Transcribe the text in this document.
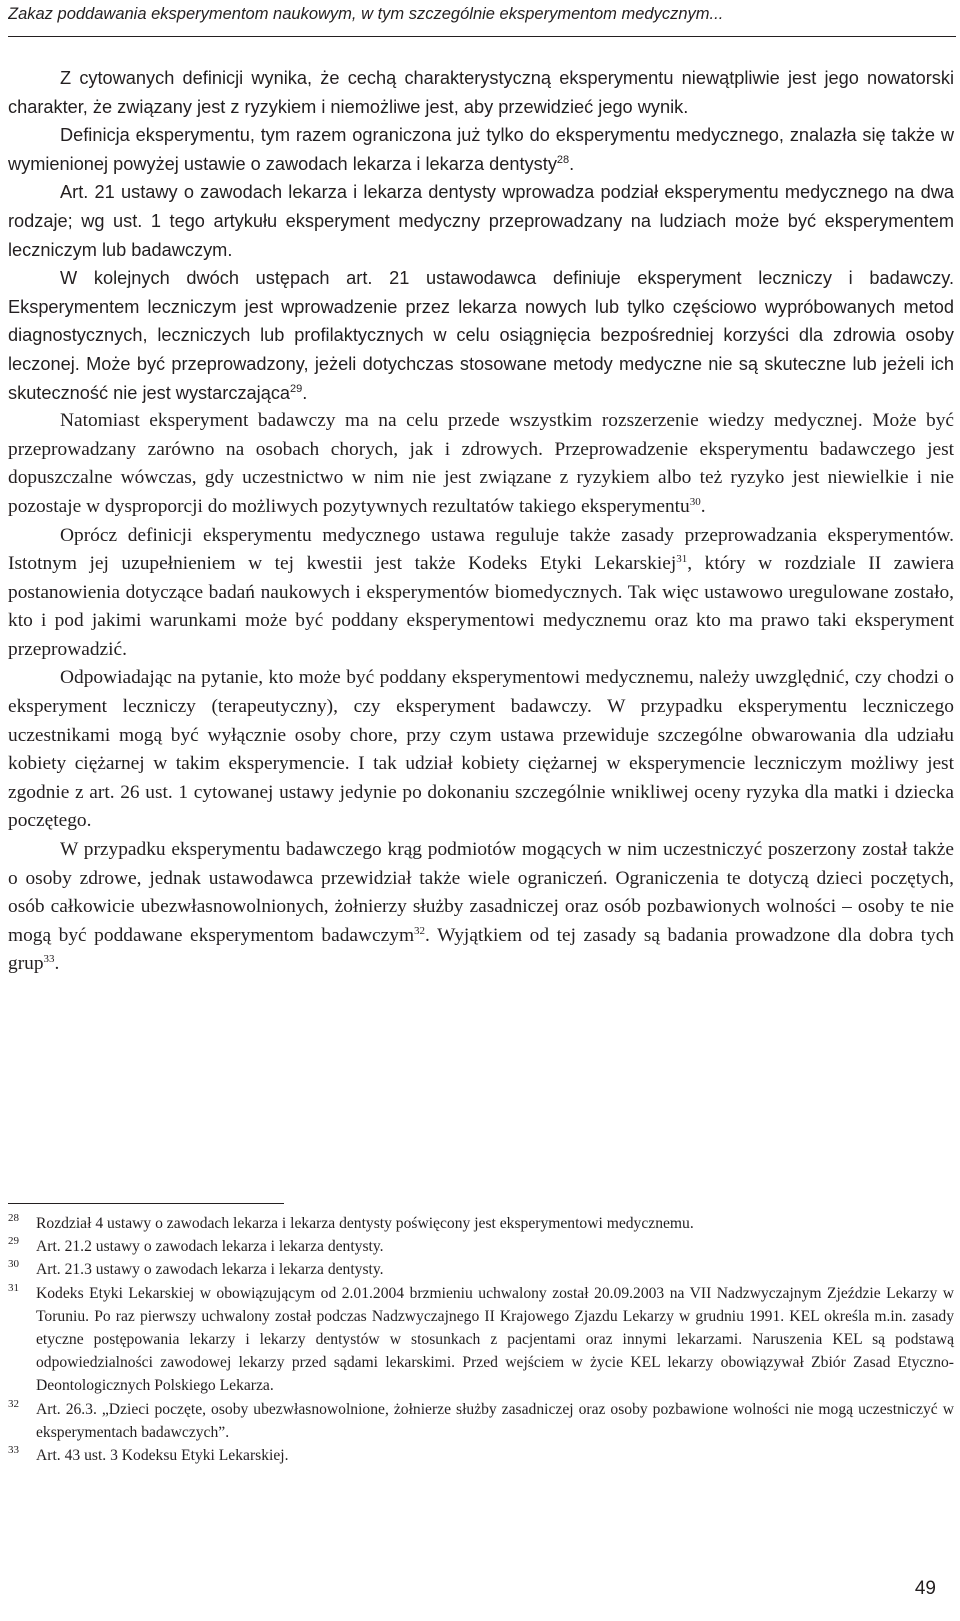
Zakaz poddawania eksperymentom naukowym, w tym szczególnie eksperymentom medycznym...

Z cytowanych definicji wynika, że cechą charakterystyczną eksperymentu niewątpliwie jest jego nowatorski charakter, że związany jest z ryzykiem i niemożliwe jest, aby przewidzieć jego wynik.

Definicja eksperymentu, tym razem ograniczona już tylko do eksperymentu medycznego, znalazła się także w wymienionej powyżej ustawie o zawodach lekarza i lekarza dentysty$^{28}$.

Art. 21 ustawy o zawodach lekarza i lekarza dentysty wprowadza podział eksperymentu medycznego na dwa rodzaje; wg ust. 1 tego artykułu eksperyment medyczny przeprowadzany na ludziach może być eksperymentem leczniczym lub badawczym.

W kolejnych dwóch ustępach art. 21 ustawodawca definiuje eksperyment leczniczy i badawczy. Eksperymentem leczniczym jest wprowadzenie przez lekarza nowych lub tylko częściowo wypróbowanych metod diagnostycznych, leczniczych lub profilaktycznych w celu osiągnięcia bezpośredniej korzyści dla zdrowia osoby leczonej. Może być przeprowadzony, jeżeli dotychczas stosowane metody medyczne nie są skuteczne lub jeżeli ich skuteczność nie jest wystarczająca$^{29}$.

Natomiast eksperyment badawczy ma na celu przede wszystkim rozszerzenie wiedzy medycznej. Może być przeprowadzany zarówno na osobach chorych, jak i zdrowych. Przeprowadzenie eksperymentu badawczego jest dopuszczalne wówczas, gdy uczestnictwo w nim nie jest związane z ryzykiem albo też ryzyko jest niewielkie i nie pozostaje w dysproporcji do możliwych pozytywnych rezultatów takiego eksperymentu$^{30}$.

Oprócz definicji eksperymentu medycznego ustawa reguluje także zasady przeprowadzania eksperymentów. Istotnym jej uzupełnieniem w tej kwestii jest także Kodeks Etyki Lekarskiej$^{31}$, który w rozdziale II zawiera postanowienia dotyczące badań naukowych i eksperymentów biomedycznych. Tak więc ustawowo uregulowane zostało, kto i pod jakimi warunkami może być poddany eksperymentowi medycznemu oraz kto ma prawo taki eksperyment przeprowadzić.

Odpowiadając na pytanie, kto może być poddany eksperymentowi medycznemu, należy uwzględnić, czy chodzi o eksperyment leczniczy (terapeutyczny), czy eksperyment badawczy. W przypadku eksperymentu leczniczego uczestnikami mogą być wyłącznie osoby chore, przy czym ustawa przewiduje szczególne obwarowania dla udziału kobiety ciężarnej w takim eksperymencie. I tak udział kobiety ciężarnej w eksperymencie leczniczym możliwy jest zgodnie z art. 26 ust. 1 cytowanej ustawy jedynie po dokonaniu szczególnie wnikliwej oceny ryzyka dla matki i dziecka poczętego.

W przypadku eksperymentu badawczego krąg podmiotów mogących w nim uczestniczyć poszerzony został także o osoby zdrowe, jednak ustawodawca przewidział także wiele ograniczeń. Ograniczenia te dotyczą dzieci poczętych, osób całkowicie ubezwłasnowolnionych, żołnierzy służby zasadniczej oraz osób pozbawionych wolności – osoby te nie mogą być poddawane eksperymentom badawczym$^{32}$. Wyjątkiem od tej zasady są badania prowadzone dla dobra tych grup$^{33}$.

28 Rozdział 4 ustawy o zawodach lekarza i lekarza dentysty poświęcony jest eksperymentowi medycznemu.
29 Art. 21.2 ustawy o zawodach lekarza i lekarza dentysty.
30 Art. 21.3 ustawy o zawodach lekarza i lekarza dentysty.
31 Kodeks Etyki Lekarskiej w obowiązującym od 2.01.2004 brzmieniu uchwalony został 20.09.2003 na VII Nadzwyczajnym Zjeździe Lekarzy w Toruniu. Po raz pierwszy uchwalony został podczas Nadzwyczajnego II Krajowego Zjazdu Lekarzy w grudniu 1991. KEL określa m.in. zasady etyczne postępowania lekarzy i lekarzy dentystów w stosunkach z pacjentami oraz innymi lekarzami. Naruszenia KEL są podstawą odpowiedzialności zawodowej lekarzy przed sądami lekarskimi. Przed wejściem w życie KEL lekarzy obowiązywał Zbiór Zasad Etyczno-Deontologicznych Polskiego Lekarza.
32 Art. 26.3. „Dzieci poczęte, osoby ubezwłasnowolnione, żołnierze służby zasadniczej oraz osoby pozbawione wolności nie mogą uczestniczyć w eksperymentach badawczych”.
33 Art. 43 ust. 3 Kodeksu Etyki Lekarskiej.
49
